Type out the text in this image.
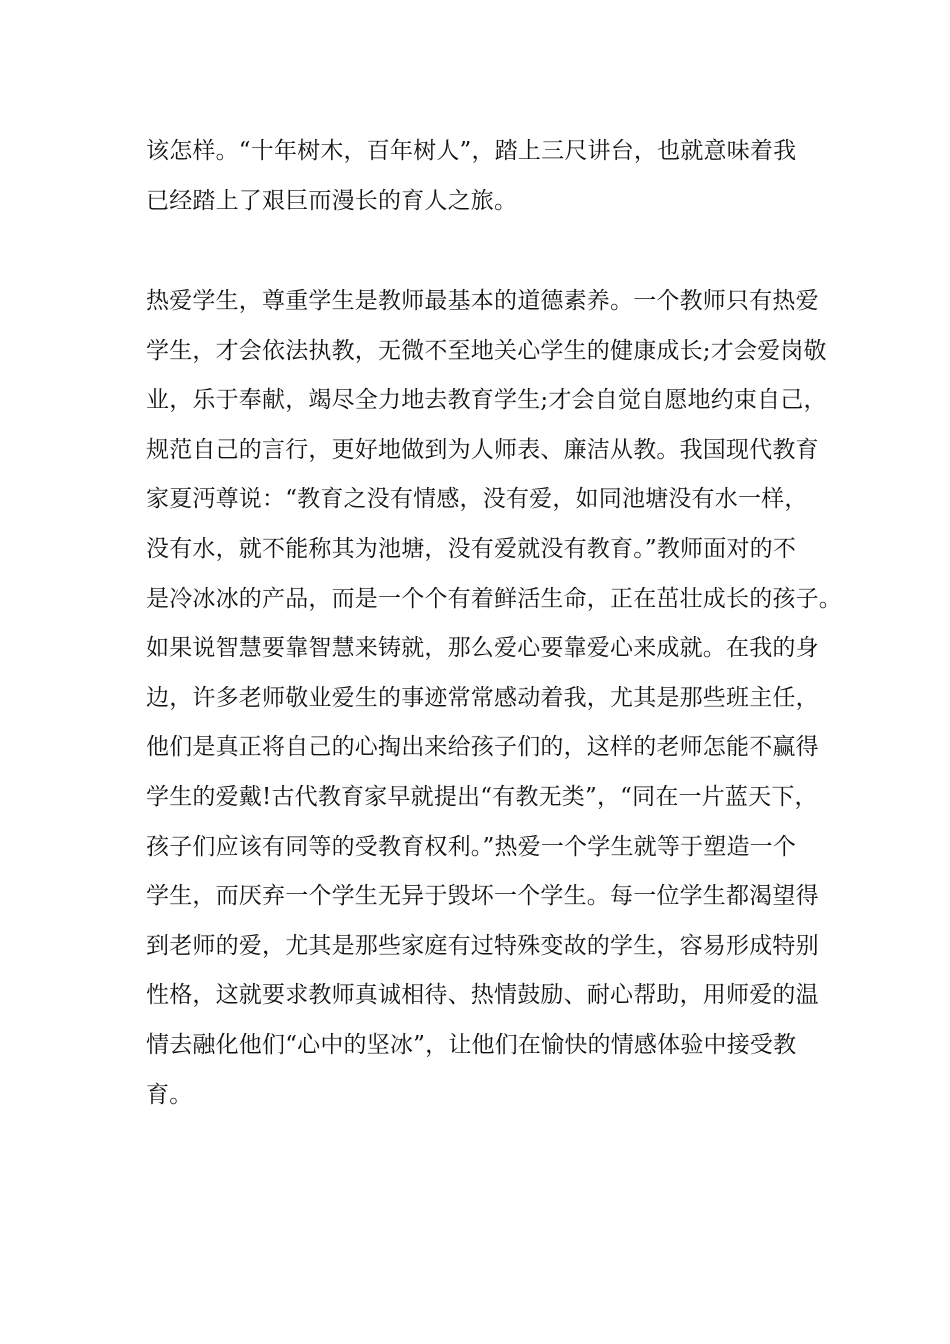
该怎样。“十年树木，百年树人”，踏上三尺讲台，也就意味着我
已经踏上了艰巨而漫长的育人之旅。
热爱学生，尊重学生是教师最基本的道德素养。一个教师只有热爱
学生，才会依法执教，无微不至地关心学生的健康成长;才会爱岗敬
业，乐于奉献，竭尽全力地去教育学生;才会自觉自愿地约束自己，
规范自己的言行，更好地做到为人师表、廉洁从教。我国现代教育
家夏沔尊说：“教育之没有情感，没有爱，如同池塘没有水一样，
没有水，就不能称其为池塘，没有爱就没有教育。”教师面对的不
是冷冰冰的产品，而是一个个有着鲜活生命，正在茁壮成长的孩子。
如果说智慧要靠智慧来铸就，那么爱心要靠爱心来成就。在我的身
边，许多老师敬业爱生的事迹常常感动着我，尤其是那些班主任，
他们是真正将自己的心掏出来给孩子们的，这样的老师怎能不赢得
学生的爱戴!古代教育家早就提出“有教无类”，“同在一片蓝天下，
孩子们应该有同等的受教育权利。”热爱一个学生就等于塑造一个
学生，而厌弃一个学生无异于毁坏一个学生。每一位学生都渴望得
到老师的爱，尤其是那些家庭有过特殊变故的学生，容易形成特别
性格，这就要求教师真诚相待、热情鼓励、耐心帮助，用师爱的温
情去融化他们“心中的坚冰”，让他们在愉快的情感体验中接受教
育。
